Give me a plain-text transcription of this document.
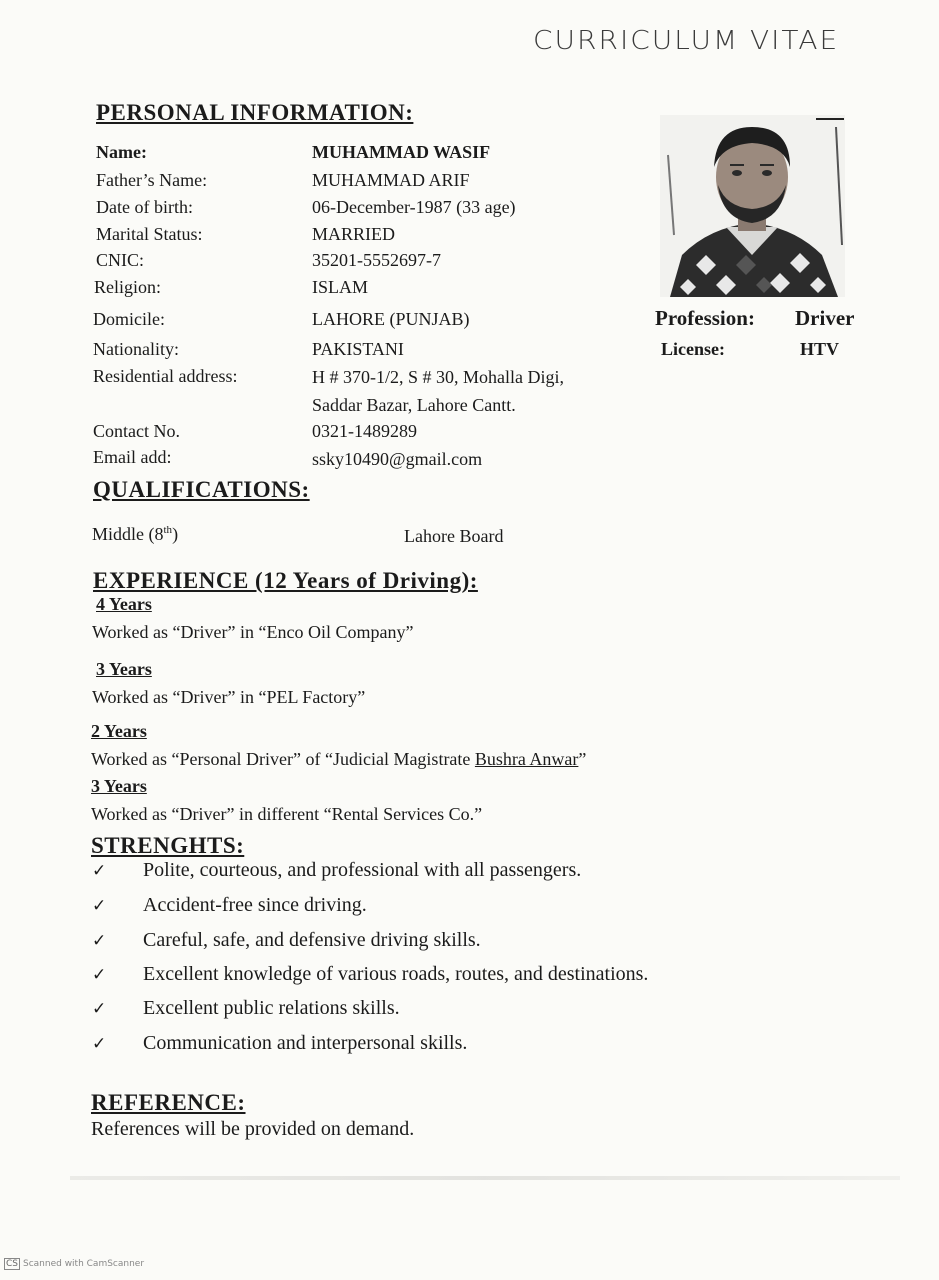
CURRICULUM VITAE
PERSONAL INFORMATION:
Name:	MUHAMMAD WASIF
Father’s Name:	MUHAMMAD ARIF
Date of birth:	06-December-1987 (33 age)
Marital Status:	MARRIED
CNIC:	35201-5552697-7
Religion:	ISLAM
Domicile:	LAHORE (PUNJAB)
Nationality:	PAKISTANI
Residential address:	H # 370-1/2, S # 30, Mohalla Digi,
Saddar Bazar, Lahore Cantt.
Contact No.	0321-1489289
Email add:	ssky10490@gmail.com
Profession: Driver
License:	HTV
QUALIFICATIONS:
Middle (8th)	Lahore Board
EXPERIENCE (12 Years of Driving):
4 Years
Worked as “Driver” in “Enco Oil Company”
3 Years
Worked as “Driver” in “PEL Factory”
2 Years
Worked as “Personal Driver” of “Judicial Magistrate Bushra Anwar”
3 Years
Worked as “Driver” in different “Rental Services Co.”
STRENGHTS:
✓ Polite, courteous, and professional with all passengers.
✓ Accident-free since driving.
✓ Careful, safe, and defensive driving skills.
✓ Excellent knowledge of various roads, routes, and destinations.
✓ Excellent public relations skills.
✓ Communication and interpersonal skills.
REFERENCE:
References will be provided on demand.
CS Scanned with CamScanner
